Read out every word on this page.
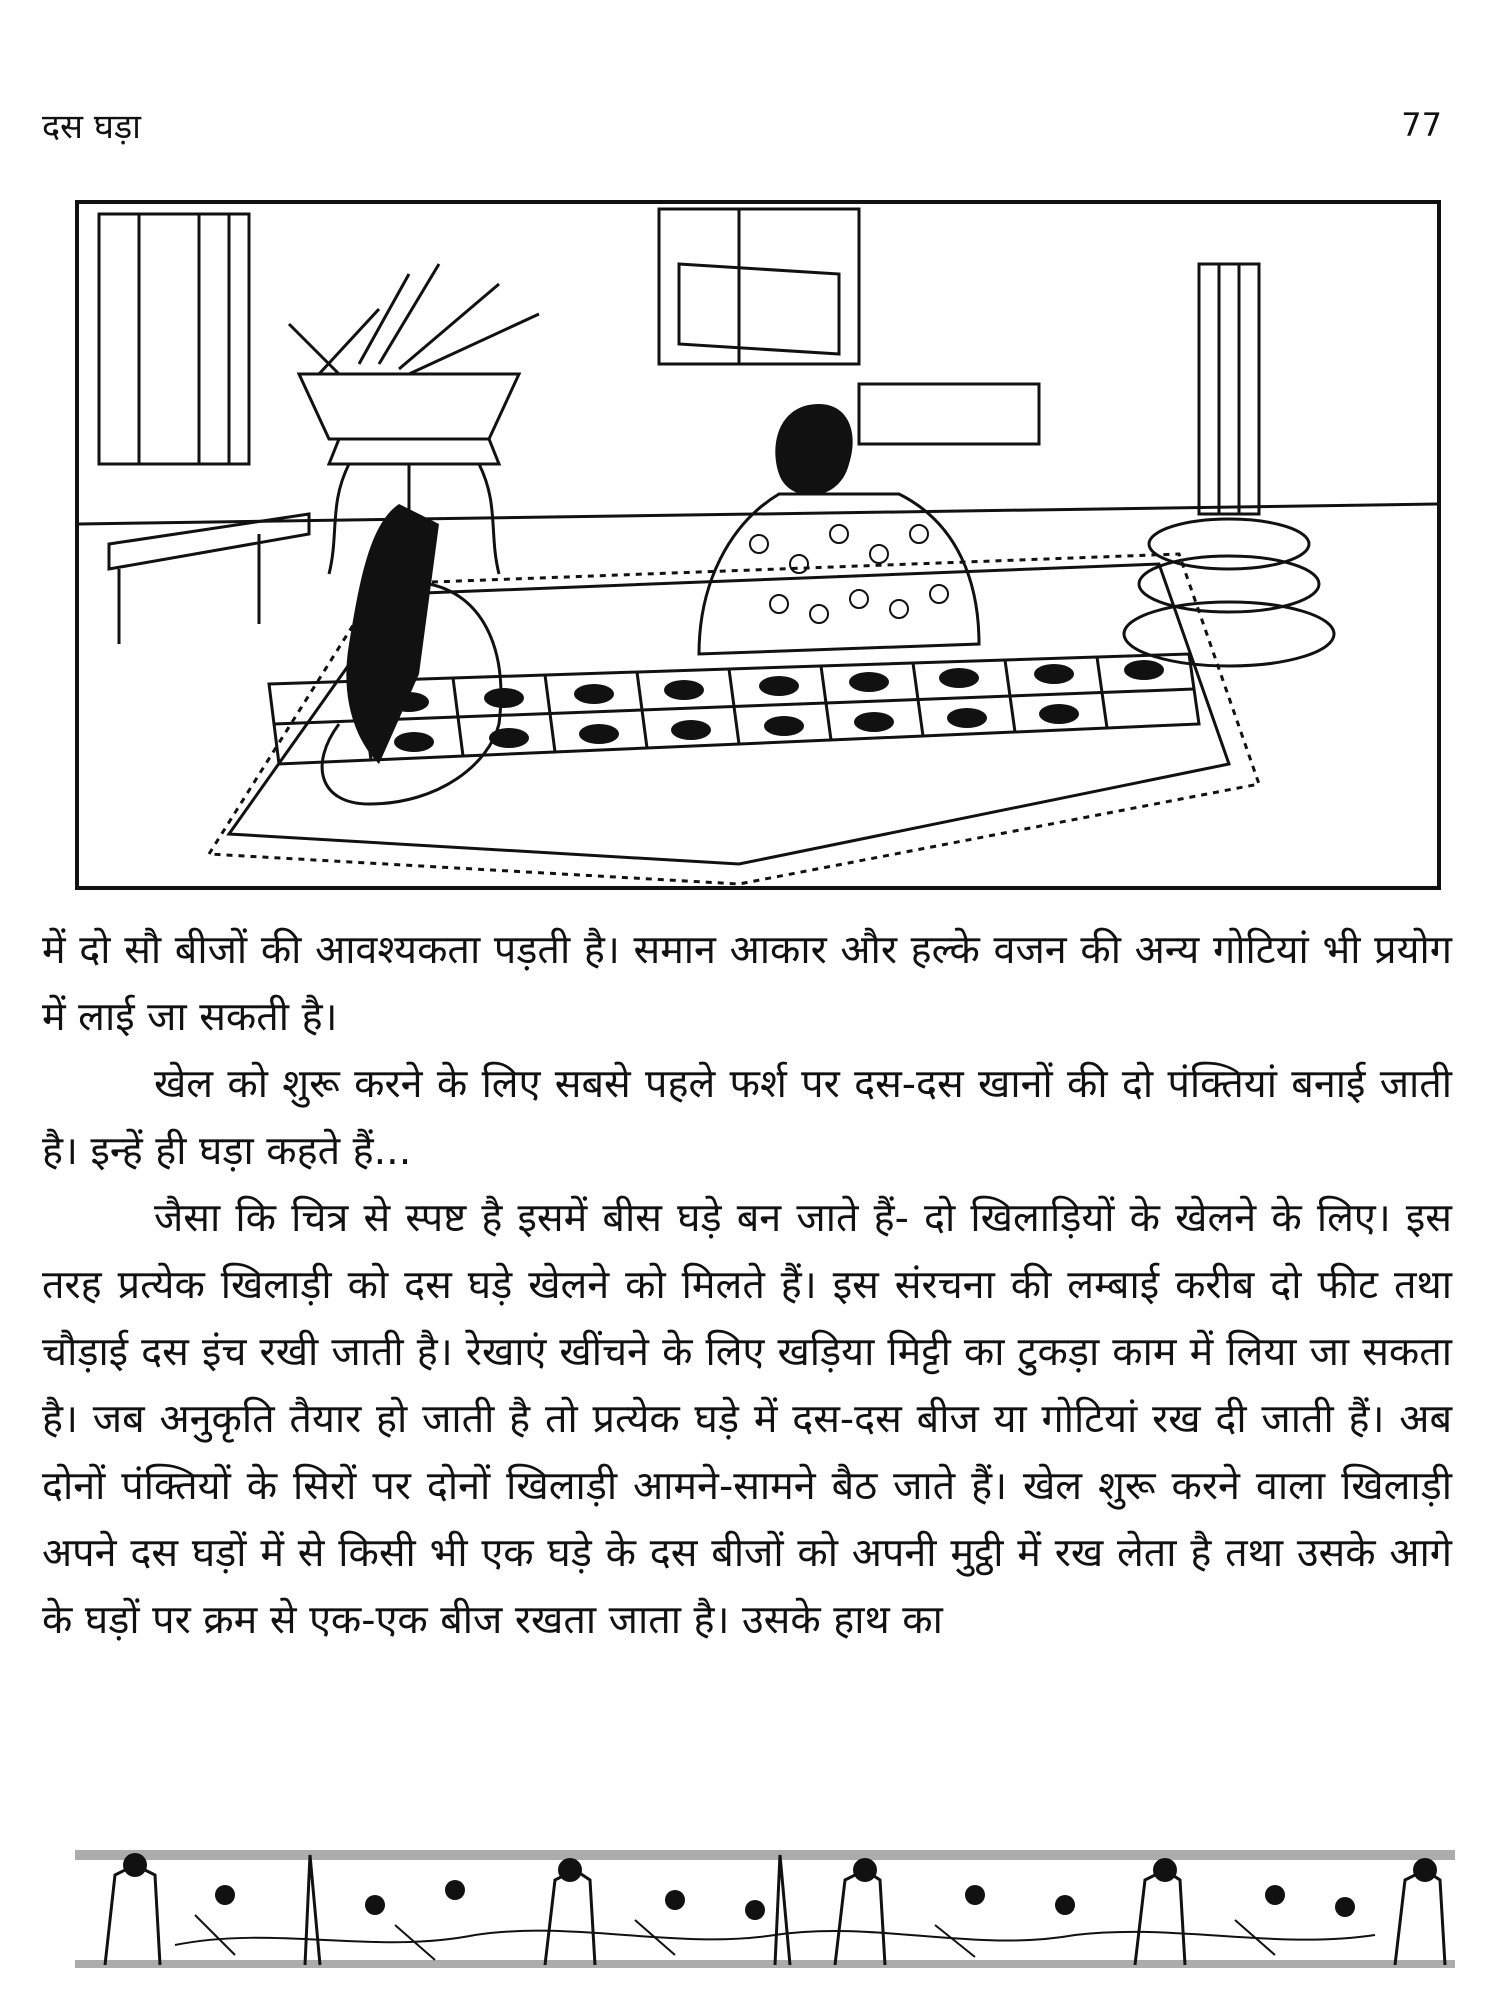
दस घड़ा	77

में दो सौ बीजों की आवश्यकता पड़ती है। समान आकार और हल्के वजन की अन्य गोटियां भी प्रयोग में लाई जा सकती है।

खेल को शुरू करने के लिए सबसे पहले फर्श पर दस-दस खानों की दो पंक्तियां बनाई जाती है। इन्हें ही घड़ा कहते हैं...

जैसा कि चित्र से स्पष्ट है इसमें बीस घड़े बन जाते हैं- दो खिलाड़ियों के खेलने के लिए। इस तरह प्रत्येक खिलाड़ी को दस घड़े खेलने को मिलते हैं। इस संरचना की लम्बाई करीब दो फीट तथा चौड़ाई दस इंच रखी जाती है। रेखाएं खींचने के लिए खड़िया मिट्टी का टुकड़ा काम में लिया जा सकता है। जब अनुकृति तैयार हो जाती है तो प्रत्येक घड़े में दस-दस बीज या गोटियां रख दी जाती हैं। अब दोनों पंक्तियों के सिरों पर दोनों खिलाड़ी आमने-सामने बैठ जाते हैं। खेल शुरू करने वाला खिलाड़ी अपने दस घड़ों में से किसी भी एक घड़े के दस बीजों को अपनी मुट्ठी में रख लेता है तथा उसके आगे के घड़ों पर क्रम से एक-एक बीज रखता जाता है। उसके हाथ का
